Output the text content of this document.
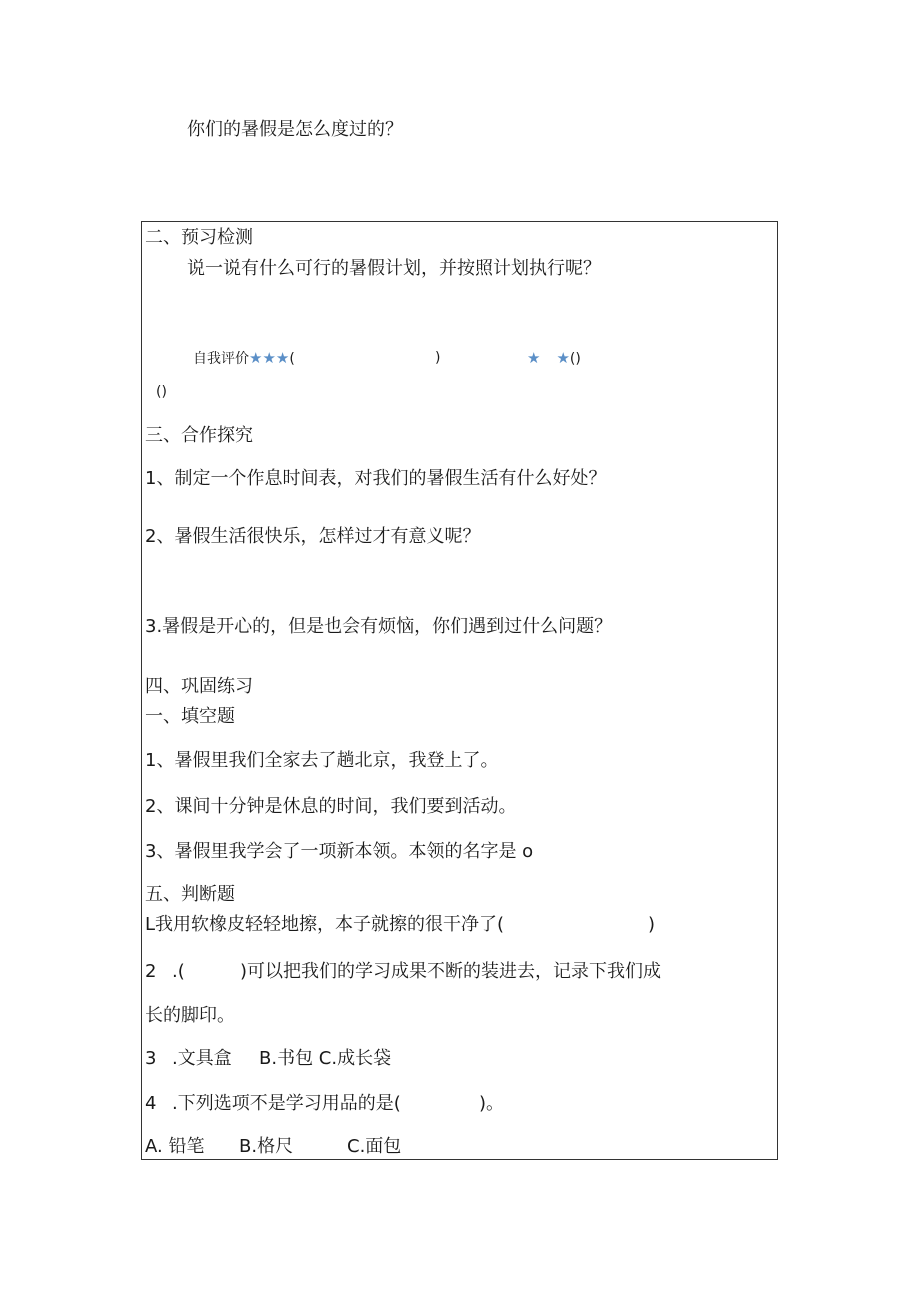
你们的暑假是怎么度过的？
二、预习检测
说一说有什么可行的暑假计划，并按照计划执行呢？
自我评价★★★(	)	★ ★()
()
三、合作探究
1、制定一个作息时间表，对我们的暑假生活有什么好处？
2、暑假生活很快乐，怎样过才有意义呢？
3.暑假是开心的，但是也会有烦恼，你们遇到过什么问题？
四、巩固练习
一、填空题
1、暑假里我们全家去了趟北京，我登上了。
2、课间十分钟是休息的时间，我们要到活动。
3、暑假里我学会了一项新本领。本领的名字是 o
五、判断题
L我用软橡皮轻轻地擦，本子就擦的很干净了(	)
2 .(	)可以把我们的学习成果不断的装进去，记录下我们成
长的脚印。
3 .文具盒 B.书包 C.成长袋
4 .下列选项不是学习用品的是(	)。
A. 铅笔 B.格尺	C.面包
